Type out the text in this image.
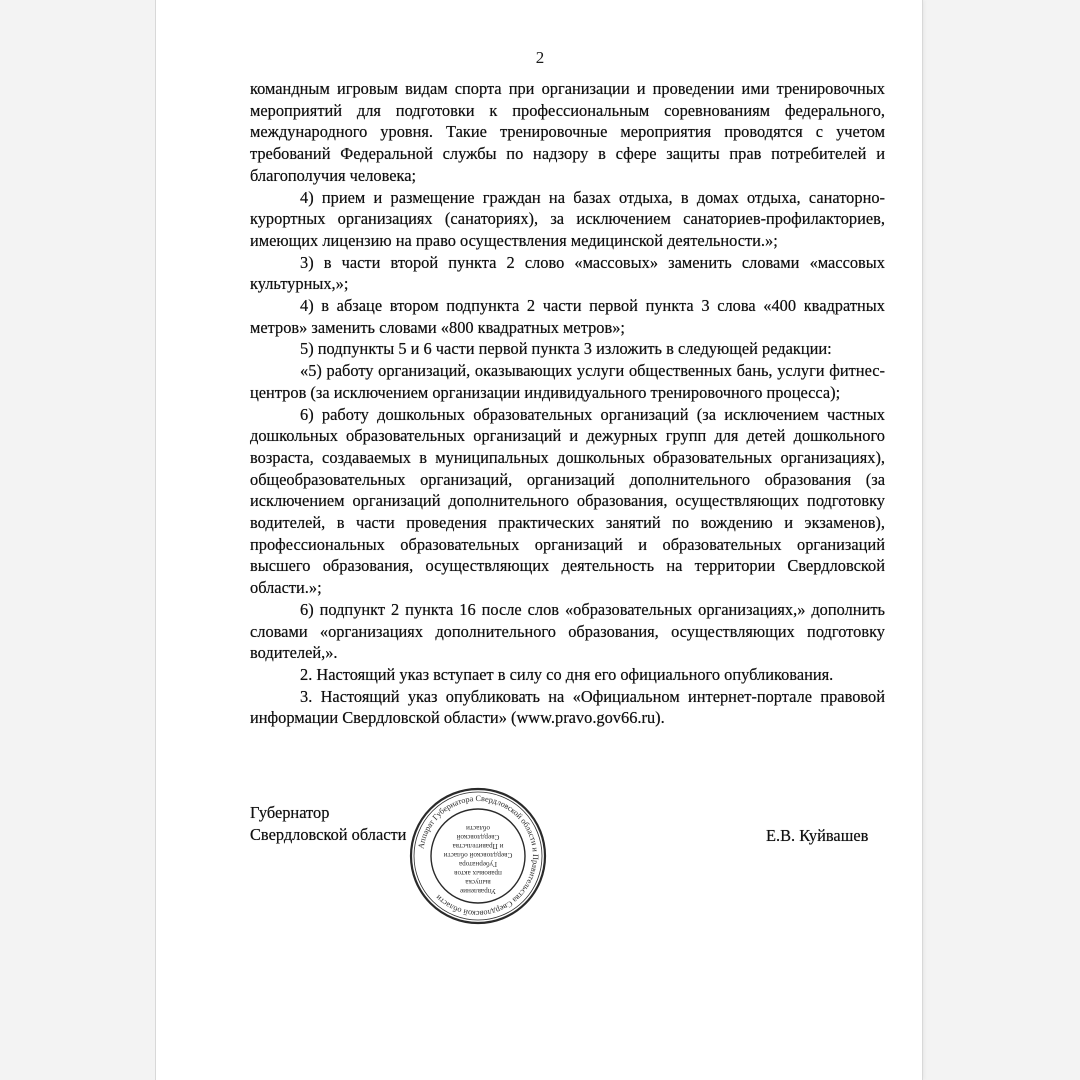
2

командным игровым видам спорта при организации и проведении ими тренировочных мероприятий для подготовки к профессиональным соревнованиям федерального, международного уровня. Такие тренировочные мероприятия проводятся с учетом требований Федеральной службы по надзору в сфере защиты прав потребителей и благополучия человека;

4) прием и размещение граждан на базах отдыха, в домах отдыха, санаторно-курортных организациях (санаториях), за исключением санаториев-профилакториев, имеющих лицензию на право осуществления медицинской деятельности.»;

3) в части второй пункта 2 слово «массовых» заменить словами «массовых культурных,»;

4) в абзаце втором подпункта 2 части первой пункта 3 слова «400 квадратных метров» заменить словами «800 квадратных метров»;

5) подпункты 5 и 6 части первой пункта 3 изложить в следующей редакции:

«5) работу организаций, оказывающих услуги общественных бань, услуги фитнес-центров (за исключением организации индивидуального тренировочного процесса);

6) работу дошкольных образовательных организаций (за исключением частных дошкольных образовательных организаций и дежурных групп для детей дошкольного возраста, создаваемых в муниципальных дошкольных образовательных организациях), общеобразовательных организаций, организаций дополнительного образования (за исключением организаций дополнительного образования, осуществляющих подготовку водителей, в части проведения практических занятий по вождению и экзаменов), профессиональных образовательных организаций и образовательных организаций высшего образования, осуществляющих деятельность на территории Свердловской области.»;

6) подпункт 2 пункта 16 после слов «образовательных организациях,» дополнить словами «организациях дополнительного образования, осуществляющих подготовку водителей,».

2. Настоящий указ вступает в силу со дня его официального опубликования.

3. Настоящий указ опубликовать на «Официальном интернет-портале правовой информации Свердловской области» (www.pravo.gov66.ru).

Губернатор
Свердловской области
Аппарат Губернатора Свердловской области и Правительства Свердловской области
Управление
выпуска
правовых актов
Губернатора
Свердловской области
и Правительства
Свердловской
области	Е.В. Куйвашев
